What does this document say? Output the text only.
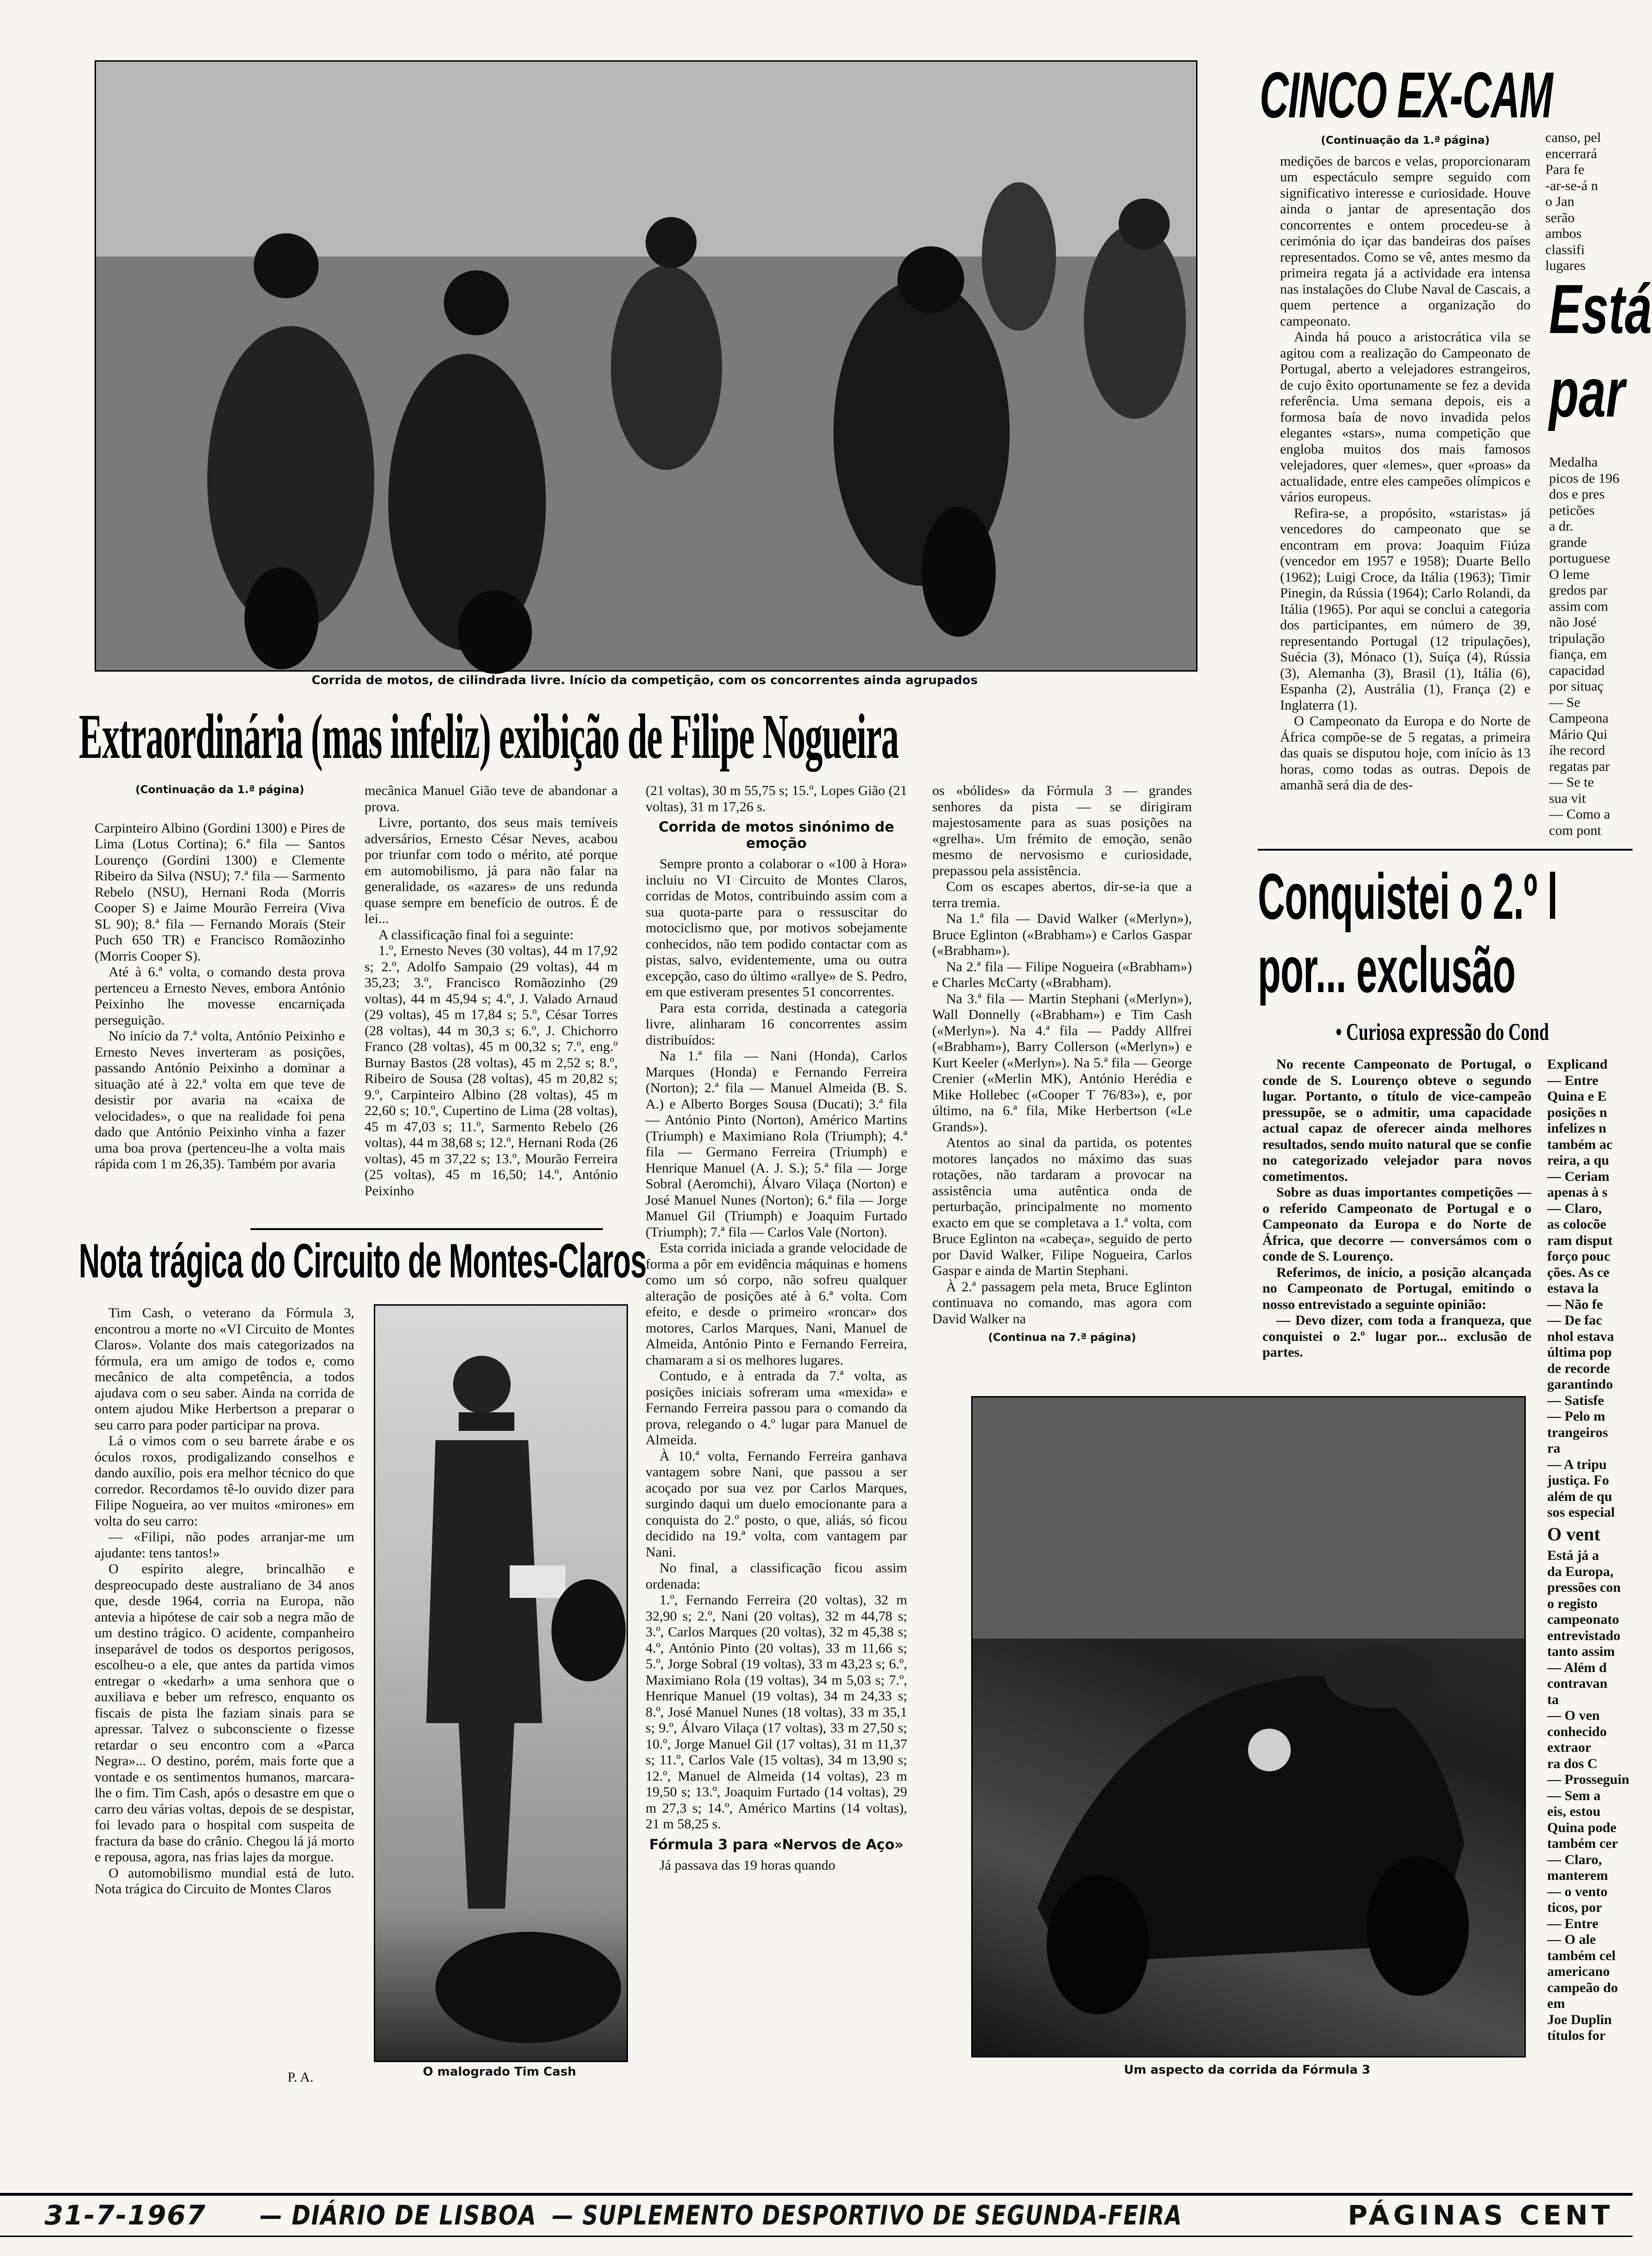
Corrida de motos, de cilindrada livre. Início da competição, com os concorrentes ainda agrupados
Extraordinária (mas infeliz) exibição de Filipe Nogueira

(Continuação da 1.ª página)

Carpinteiro Albino (Gordini 1300) e Pires de Lima (Lotus Cortina); 6.ª fila — Santos Lourenço (Gordini 1300) e Clemente Ribeiro da Silva (NSU); 7.ª fila — Sarmento Rebelo (NSU), Hernani Roda (Morris Cooper S) e Jaime Mourão Ferreira (Viva SL 90); 8.ª fila — Fernando Morais (Steir Puch 650 TR) e Francisco Romãozinho (Morris Cooper S).

Até à 6.ª volta, o comando desta prova pertenceu a Ernesto Neves, embora António Peixinho lhe movesse encarniçada perseguição.

No início da 7.ª volta, António Peixinho e Ernesto Neves inverteram as posições, passando António Peixinho a dominar a situação até à 22.ª volta em que teve de desistir por avaria na «caixa de velocidades», o que na realidade foi pena dado que António Peixinho vinha a fazer uma boa prova (pertenceu-lhe a volta mais rápida com 1 m 26,35). Também por avaria

mecânica Manuel Gião teve de abandonar a prova.

Livre, portanto, dos seus mais temíveis adversários, Ernesto César Neves, acabou por triunfar com todo o mérito, até porque em automobilismo, já para não falar na generalidade, os «azares» de uns redunda quase sempre em benefício de outros. É de lei...

A classificação final foi a seguinte:

1.º, Ernesto Neves (30 voltas), 44 m 17,92 s; 2.º, Adolfo Sampaio (29 voltas), 44 m 35,23; 3.º, Francisco Romãozinho (29 voltas), 44 m 45,94 s; 4.º, J. Valado Arnaud (29 voltas), 45 m 17,84 s; 5.º, César Torres (28 voltas), 44 m 30,3 s; 6.º, J. Chichorro Franco (28 voltas), 45 m 00,32 s; 7.º, eng.º Burnay Bastos (28 voltas), 45 m 2,52 s; 8.º, Ribeiro de Sousa (28 voltas), 45 m 20,82 s; 9.º, Carpinteiro Albino (28 voltas), 45 m 22,60 s; 10.º, Cupertino de Lima (28 voltas), 45 m 47,03 s; 11.º, Sarmento Rebelo (26 voltas), 44 m 38,68 s; 12.º, Hernani Roda (26 voltas), 45 m 37,22 s; 13.º, Mourão Ferreira (25 voltas), 45 m 16,50; 14.º, António Peixinho

(21 voltas), 30 m 55,75 s; 15.º, Lopes Gião (21 voltas), 31 m 17,26 s.

Corrida de motos sinónimo de emoção

Sempre pronto a colaborar o «100 à Hora» incluiu no VI Circuito de Montes Claros, corridas de Motos, contribuindo assim com a sua quota-parte para o ressuscitar do motociclismo que, por motivos sobejamente conhecidos, não tem podido contactar com as pistas, salvo, evidentemente, uma ou outra excepção, caso do último «rallye» de S. Pedro, em que estiveram presentes 51 concorrentes.

Para esta corrida, destinada a categoria livre, alinharam 16 concorrentes assim distribuídos:

Na 1.ª fila — Nani (Honda), Carlos Marques (Honda) e Fernando Ferreira (Norton); 2.ª fila — Manuel Almeida (B. S. A.) e Alberto Borges Sousa (Ducati); 3.ª fila — António Pinto (Norton), Américo Martins (Triumph) e Maximiano Rola (Triumph); 4.ª fila — Germano Ferreira (Triumph) e Henrique Manuel (A. J. S.); 5.ª fila — Jorge Sobral (Aeromchi), Álvaro Vilaça (Norton) e José Manuel Nunes (Norton); 6.ª fila — Jorge Manuel Gil (Triumph) e Joaquim Furtado (Triumph); 7.ª fila — Carlos Vale (Norton).

Esta corrida iniciada a grande velocidade de forma a pôr em evidência máquinas e homens como um só corpo, não sofreu qualquer alteração de posições até à 6.ª volta. Com efeito, e desde o primeiro «roncar» dos motores, Carlos Marques, Nani, Manuel de Almeida, António Pinto e Fernando Ferreira, chamaram a si os melhores lugares.

Contudo, e à entrada da 7.ª volta, as posições iniciais sofreram uma «mexida» e Fernando Ferreira passou para o comando da prova, relegando o 4.º lugar para Manuel de Almeida.

À 10.ª volta, Fernando Ferreira ganhava vantagem sobre Nani, que passou a ser acoçado por sua vez por Carlos Marques, surgindo daqui um duelo emocionante para a conquista do 2.º posto, o que, aliás, só ficou decidido na 19.ª volta, com vantagem par Nani.

No final, a classificação ficou assim ordenada:

1.º, Fernando Ferreira (20 voltas), 32 m 32,90 s; 2.º, Nani (20 voltas), 32 m 44,78 s; 3.º, Carlos Marques (20 voltas), 32 m 45,38 s; 4.º, António Pinto (20 voltas), 33 m 11,66 s; 5.º, Jorge Sobral (19 voltas), 33 m 43,23 s; 6.º, Maximiano Rola (19 voltas), 34 m 5,03 s; 7.º, Henrique Manuel (19 voltas), 34 m 24,33 s; 8.º, José Manuel Nunes (18 voltas), 33 m 35,1 s; 9.º, Álvaro Vilaça (17 voltas), 33 m 27,50 s; 10.º, Jorge Manuel Gil (17 voltas), 31 m 11,37 s; 11.º, Carlos Vale (15 voltas), 34 m 13,90 s; 12.º, Manuel de Almeida (14 voltas), 23 m 19,50 s; 13.º, Joaquim Furtado (14 voltas), 29 m 27,3 s; 14.º, Américo Martins (14 voltas), 21 m 58,25 s.

Fórmula 3 para «Nervos de Aço»

Já passava das 19 horas quando

os «bólides» da Fórmula 3 — grandes senhores da pista — se dirigiram majestosamente para as suas posições na «grelha». Um frémito de emoção, senão mesmo de nervosismo e curiosidade, prepassou pela assistência.

Com os escapes abertos, dir-se-ia que a terra tremia.

Na 1.ª fila — David Walker («Merlyn»), Bruce Eglinton («Brabham») e Carlos Gaspar («Brabham»).

Na 2.ª fila — Filipe Nogueira («Brabham») e Charles McCarty («Brabham).

Na 3.ª fila — Martin Stephani («Merlyn»), Wall Donnelly («Brabham») e Tim Cash («Merlyn»). Na 4.ª fila — Paddy Allfrei («Brabham»), Barry Collerson («Merlyn») e Kurt Keeler («Merlyn»). Na 5.ª fila — George Crenier («Merlin MK), António Herédia e Mike Hollebec («Cooper T 76/83»), e, por último, na 6.ª fila, Mike Herbertson («Le Grands»).

Atentos ao sinal da partida, os potentes motores lançados no máximo das suas rotações, não tardaram a provocar na assistência uma autêntica onda de perturbação, principalmente no momento exacto em que se completava a 1.ª volta, com Bruce Eglinton na «cabeça», seguido de perto por David Walker, Filipe Nogueira, Carlos Gaspar e ainda de Martin Stephani.

À 2.ª passagem pela meta, Bruce Eglinton continuava no comando, mas agora com David Walker na

(Continua na 7.ª página)

Nota trágica do Circuito de Montes-Claros

Tim Cash, o veterano da Fórmula 3, encontrou a morte no «VI Circuito de Montes Claros». Volante dos mais categorizados na fórmula, era um amigo de todos e, como mecânico de alta competência, a todos ajudava com o seu saber. Ainda na corrida de ontem ajudou Mike Herbertson a preparar o seu carro para poder participar na prova.

Lá o vimos com o seu barrete árabe e os óculos roxos, prodigalizando conselhos e dando auxílio, pois era melhor técnico do que corredor. Recordamos tê-lo ouvido dizer para Filipe Nogueira, ao ver muitos «mirones» em volta do seu carro:

— «Filipi, não podes arranjar-me um ajudante: tens tantos!»

O espírito alegre, brincalhão e despreocupado deste australiano de 34 anos que, desde 1964, corria na Europa, não antevia a hipótese de cair sob a negra mão de um destino trágico. O acidente, companheiro inseparável de todos os desportos perigosos, escolheu-o a ele, que antes da partida vimos entregar o «kedarh» a uma senhora que o auxiliava e beber um refresco, enquanto os fiscais de pista lhe faziam sinais para se apressar. Talvez o subconsciente o fizesse retardar o seu encontro com a «Parca Negra»... O destino, porém, mais forte que a vontade e os sentimentos humanos, marcara-lhe o fim. Tim Cash, após o desastre em que o carro deu várias voltas, depois de se despistar, foi levado para o hospital com suspeita de fractura da base do crânio. Chegou lá já morto e repousa, agora, nas frias lajes da morgue.

O automobilismo mundial está de luto. Nota trágica do Circuito de Montes Claros

P. A.	O malogrado Tim Cash	Um aspecto da corrida da Fórmula 3
CINCO EX-CAM

(Continuação da 1.ª página)

medições de barcos e velas, proporcionaram um espectáculo sempre seguido com significativo interesse e curiosidade. Houve ainda o jantar de apresentação dos concorrentes e ontem procedeu-se à cerimónia do içar das bandeiras dos países representados. Como se vê, antes mesmo da primeira regata já a actividade era intensa nas instalações do Clube Naval de Cascais, a quem pertence a organização do campeonato.

Ainda há pouco a aristocrática vila se agitou com a realização do Campeonato de Portugal, aberto a velejadores estrangeiros, de cujo êxito oportunamente se fez a devida referência. Uma semana depois, eis a formosa baía de novo invadida pelos elegantes «stars», numa competição que engloba muitos dos mais famosos velejadores, quer «lemes», quer «proas» da actualidade, entre eles campeões olímpicos e vários europeus.

Refira-se, a propósito, «staristas» já vencedores do campeonato que se encontram em prova: Joaquim Fiúza (vencedor em 1957 e 1958); Duarte Bello (1962); Luigi Croce, da Itália (1963); Timir Pinegin, da Rússia (1964); Carlo Rolandi, da Itália (1965). Por aqui se conclui a categoria dos participantes, em número de 39, representando Portugal (12 tripulações), Suécia (3), Mónaco (1), Suíça (4), Rússia (3), Alemanha (3), Brasil (1), Itália (6), Espanha (2), Austrália (1), França (2) e Inglaterra (1).

O Campeonato da Europa e do Norte de África compõe-se de 5 regatas, a primeira das quais se disputou hoje, com início às 13 horas, como todas as outras. Depois de amanhã será dia de des-

canso, pel
encerrará
Para fe
-ar-se-á n
o Jan
serão
ambos
classifi
lugares
Está
par
Medalha
picos de 196
dos e pres
peticões
a dr.
grande
portuguese
O leme
gredos par
assim com
não José
tripulação
fiança, em
capacidad
por situaç
— Se
Campeona
Mário Qui
íhe record
regatas par
— Se te
sua vit
— Como a
com pont
Conquistei o 2.º l
por... exclusão
• Curiosa expressão do Cond

No recente Campeonato de Portugal, o conde de S. Lourenço obteve o segundo lugar. Portanto, o título de vice-campeão pressupõe, se o admitir, uma capacidade actual capaz de oferecer ainda melhores resultados, sendo muito natural que se confie no categorizado velejador para novos cometimentos.

Sobre as duas importantes competições — o referido Campeonato de Portugal e o Campeonato da Europa e do Norte de África, que decorre — conversámos com o conde de S. Lourenço.

Referimos, de início, a posição alcançada no Campeonato de Portugal, emitindo o nosso entrevistado a seguinte opinião:

— Devo dizer, com toda a franqueza, que conquistei o 2.º lugar por... exclusão de partes.

Explicand
— Entre
Quina e E
posições n
infelizes n
também ac
reira, a qu
— Ceriam
apenas à s
— Claro,
as colocõe
ram disput
forço pouc
ções. As ce
estava la
— Não fe
— De fac
nhol estava
última pop
de recorde
garantindo
— Satisfe
— Pelo m
trangeiros
ra
— A tripu
justiça. Fo
além de qu
sos especial
O vent
Está já a
da Europa,
pressões con
o registo
campeonato
entrevistado
tanto assim
— Além d
contravan
ta
— O ven
conhecido
extraor
ra dos C
— Prosseguin
— Sem a
eis, estou
Quina pode
também cer
— Claro,
manterem
— o vento
ticos, por
— Entre
— O ale
também cel
americano
campeão do
em
Joe Duplin
títulos for
31-7-1967 — DIÁRIO DE LISBOA — SUPLEMENTO DESPORTIVO DE SEGUNDA-FEIRA	PÁGINAS CENT
